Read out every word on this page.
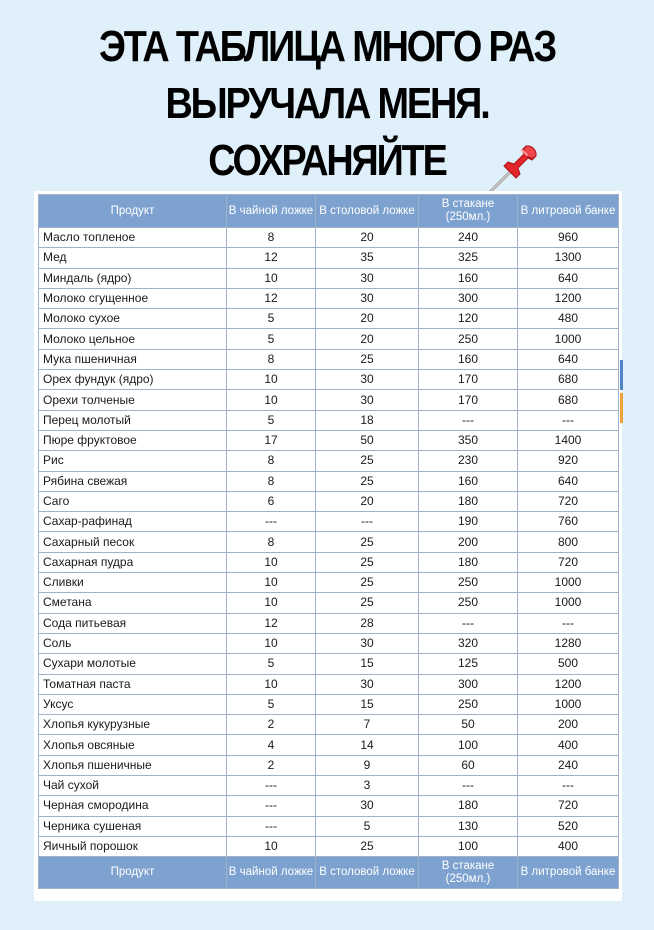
ЭТА ТАБЛИЦА МНОГО РАЗ
ВЫРУЧАЛА МЕНЯ.
СОХРАНЯЙТЕ
Продукт	В чайной ложке	В столовой ложке	В стакане (250мл.)	В литровой банке
Масло топленое	8	20	240	960
Мед	12	35	325	1300
Миндаль (ядро)	10	30	160	640
Молоко сгущенное	12	30	300	1200
Молоко сухое	5	20	120	480
Молоко цельное	5	20	250	1000
Мука пшеничная	8	25	160	640
Орех фундук (ядро)	10	30	170	680
Орехи толченые	10	30	170	680
Перец молотый	5	18	---	---
Пюре фруктовое	17	50	350	1400
Рис	8	25	230	920
Рябина свежая	8	25	160	640
Саго	6	20	180	720
Сахар-рафинад	---	---	190	760
Сахарный песок	8	25	200	800
Сахарная пудра	10	25	180	720
Сливки	10	25	250	1000
Сметана	10	25	250	1000
Сода питьевая	12	28	---	---
Соль	10	30	320	1280
Сухари молотые	5	15	125	500
Томатная паста	10	30	300	1200
Уксус	5	15	250	1000
Хлопья кукурузные	2	7	50	200
Хлопья овсяные	4	14	100	400
Хлопья пшеничные	2	9	60	240
Чай сухой	---	3	---	---
Черная смородина	---	30	180	720
Черника сушеная	---	5	130	520
Яичный порошок	10	25	100	400
Продукт	В чайной ложке	В столовой ложке	В стакане (250мл.)	В литровой банке
